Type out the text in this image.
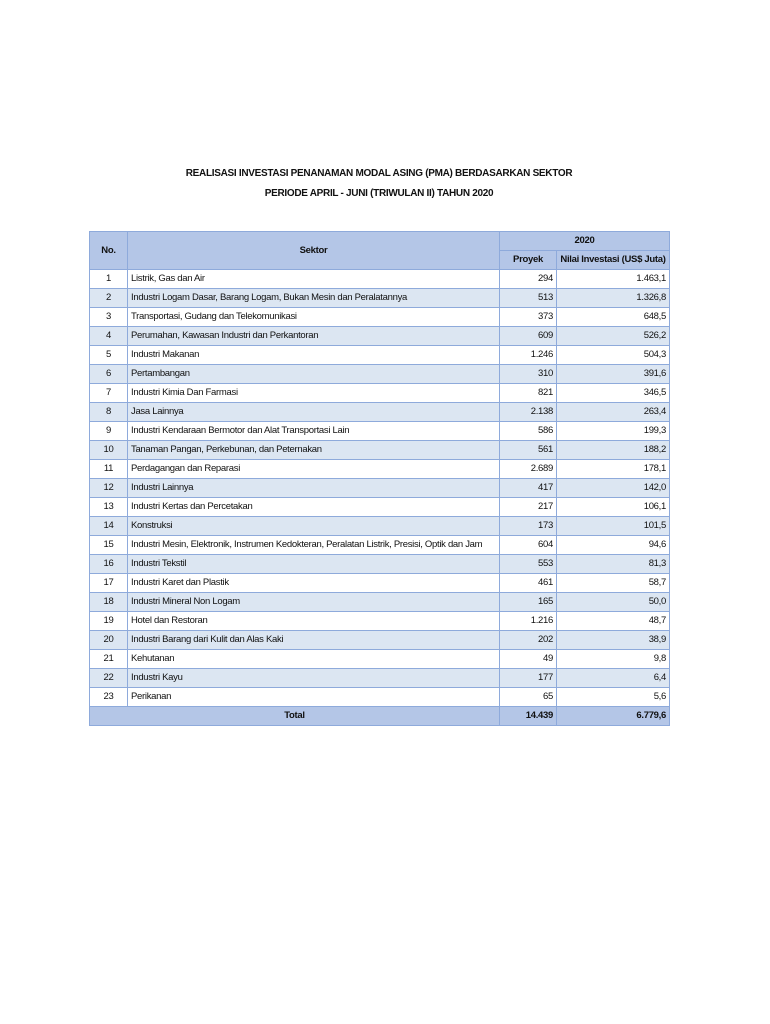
REALISASI INVESTASI PENANAMAN MODAL ASING (PMA) BERDASARKAN SEKTOR
PERIODE APRIL - JUNI (TRIWULAN II) TAHUN 2020
No.	Sektor	2020	
		Proyek	Nilai Investasi (US$ Juta)
1	Listrik, Gas dan Air	294	1.463,1
2	Industri Logam Dasar, Barang Logam, Bukan Mesin dan Peralatannya	513	1.326,8
3	Transportasi, Gudang dan Telekomunikasi	373	648,5
4	Perumahan, Kawasan Industri dan Perkantoran	609	526,2
5	Industri Makanan	1.246	504,3
6	Pertambangan	310	391,6
7	Industri Kimia Dan Farmasi	821	346,5
8	Jasa Lainnya	2.138	263,4
9	Industri Kendaraan Bermotor dan Alat Transportasi Lain	586	199,3
10	Tanaman Pangan, Perkebunan, dan Peternakan	561	188,2
11	Perdagangan dan Reparasi	2.689	178,1
12	Industri Lainnya	417	142,0
13	Industri Kertas dan Percetakan	217	106,1
14	Konstruksi	173	101,5
15	Industri Mesin, Elektronik, Instrumen Kedokteran, Peralatan Listrik, Presisi, Optik dan Jam	604	94,6
16	Industri Tekstil	553	81,3
17	Industri Karet dan Plastik	461	58,7
18	Industri Mineral Non Logam	165	50,0
19	Hotel dan Restoran	1.216	48,7
20	Industri Barang dari Kulit dan Alas Kaki	202	38,9
21	Kehutanan	49	9,8
22	Industri Kayu	177	6,4
23	Perikanan	65	5,6
Total		14.439	6.779,6
